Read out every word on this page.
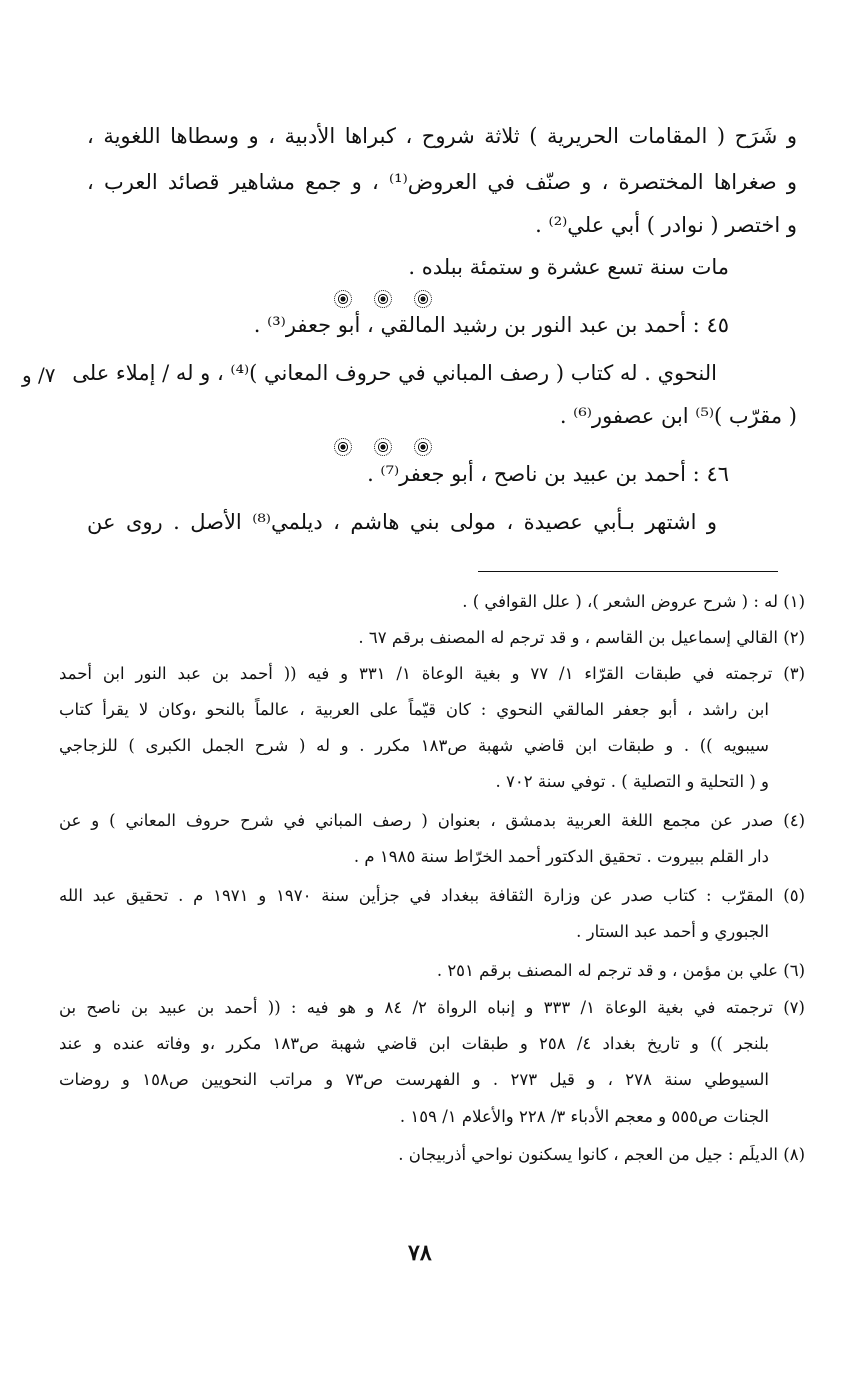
و شَرَح ( المقامات الحريرية ) ثلاثة شروح ، كبراها الأدبية ، و وسطاها اللغوية ،
و صغراها المختصرة ، و صنّف في العروض⁽¹⁾ ، و جمع مشاهير قصائد العرب ،
و اختصر ( نوادر ) أبي علي⁽²⁾ .
مات سنة تسع عشرة و ستمئة ببلده .
٤٥ : أحمد بن عبد النور بن رشيد المالقي ، أبو جعفر⁽³⁾ .
النحوي . له كتاب ( رصف المباني في حروف المعاني )⁽⁴⁾ ، و له / إملاء على
٧/ و
( مقرّب )⁽⁵⁾ ابن عصفور⁽⁶⁾ .
٤٦ : أحمد بن عبيد بن ناصح ، أبو جعفر⁽⁷⁾ .
و اشتهر بـأبي عصيدة ، مولى بني هاشم ، ديلمي⁽⁸⁾ الأصل . روى عن
(١) له : ( شرح عروض الشعر )، ( علل القوافي ) .
(٢) القالي إسماعيل بن القاسم ، و قد ترجم له المصنف برقم ٦٧ .
(٣) ترجمته في طبقات القرّاء ١/ ٧٧ و بغية الوعاة ١/ ٣٣١ و فيه (( أحمد بن عبد النور ابن أحمد
ابن راشد ، أبو جعفر المالقي النحوي : كان قيّماً على العربية ، عالماً بالنحو ،وكان لا يقرأ كتاب
سيبويه )) . و طبقات ابن قاضي شهبة ص١٨٣ مكرر . و له ( شرح الجمل الكبرى ) للزجاجي
و ( التحلية و التصلية ) . توفي سنة ٧٠٢ .
(٤) صدر عن مجمع اللغة العربية بدمشق ، بعنوان ( رصف المباني في شرح حروف المعاني ) و عن
دار القلم ببيروت . تحقيق الدكتور أحمد الخرّاط سنة ١٩٨٥ م .
(٥) المقرّب : كتاب صدر عن وزارة الثقافة ببغداد في جزأين سنة ١٩٧٠ و ١٩٧١ م . تحقيق عبد الله
الجبوري و أحمد عبد الستار .
(٦) علي بن مؤمن ، و قد ترجم له المصنف برقم ٢٥١ .
(٧) ترجمته في بغية الوعاة ١/ ٣٣٣ و إنباه الرواة ٢/ ٨٤ و هو فيه : (( أحمد بن عبيد بن ناصح بن
بلنجر )) و تاريخ بغداد ٤/ ٢٥٨ و طبقات ابن قاضي شهبة ص١٨٣ مكرر ،و وفاته عنده و عند
السيوطي سنة ٢٧٨ ، و قيل ٢٧٣ . و الفهرست ص٧٣ و مراتب النحويين ص١٥٨ و روضات
الجنات ص٥٥٥ و معجم الأدباء ٣/ ٢٢٨ والأعلام ١/ ١٥٩ .
(٨) الديلَم : جيل من العجم ، كانوا يسكنون نواحي أذربيجان .
٧٨
